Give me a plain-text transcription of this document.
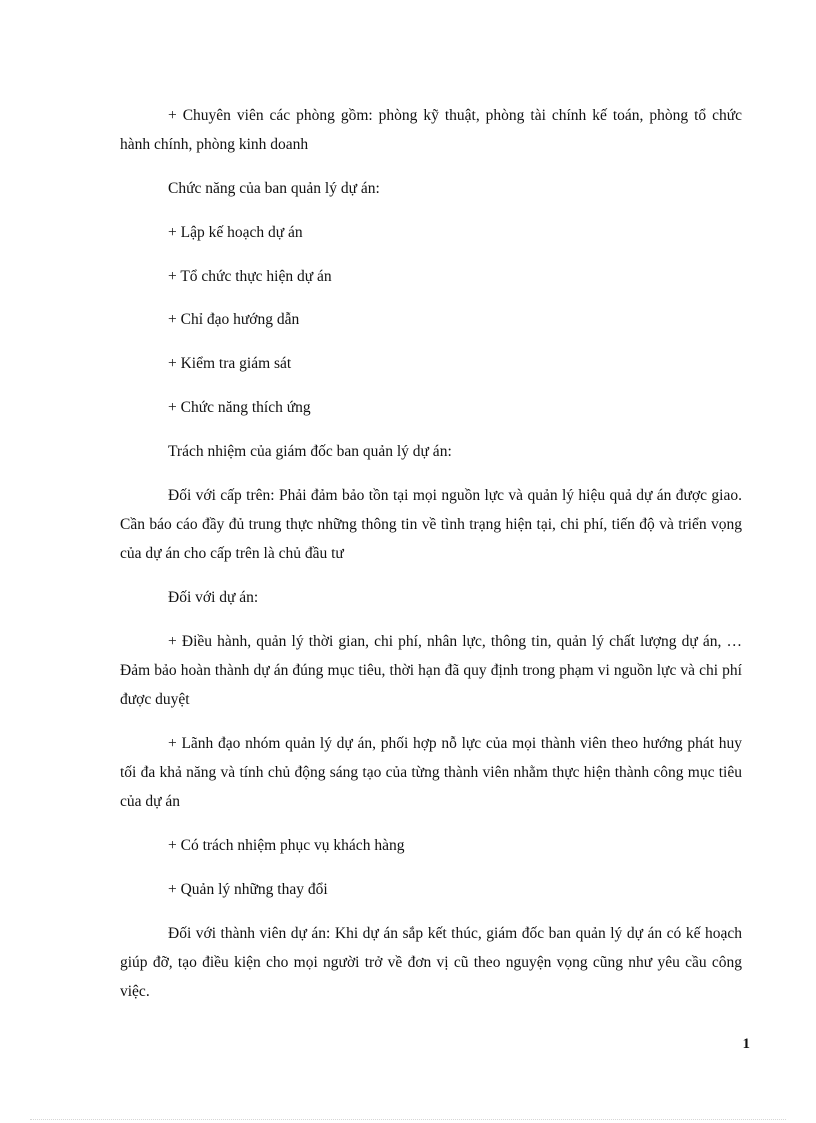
+ Chuyên viên các phòng gồm: phòng kỹ thuật, phòng tài chính kế toán, phòng tổ chức hành chính, phòng kinh doanh

Chức năng của ban quản lý dự án:

+ Lập kế hoạch dự án

+ Tổ chức thực hiện dự án

+ Chỉ đạo hướng dẫn

+ Kiểm tra giám sát

+ Chức năng thích ứng

Trách nhiệm của giám đốc ban quản lý dự án:

Đối với cấp trên: Phải đảm bảo tồn tại mọi nguồn lực và quản lý hiệu quả dự án được giao. Cần báo cáo đầy đủ trung thực những thông tin về tình trạng hiện tại, chi phí, tiến độ và triển vọng của dự án cho cấp trên là chủ đầu tư

Đối với dự án:

+ Điều hành, quản lý thời gian, chi phí, nhân lực, thông tin, quản lý chất lượng dự án, … Đảm bảo hoàn thành dự án đúng mục tiêu, thời hạn đã quy định trong phạm vi nguồn lực và chi phí được duyệt

+ Lãnh đạo nhóm quản lý dự án, phối hợp nỗ lực của mọi thành viên theo hướng phát huy tối đa khả năng và tính chủ động sáng tạo của từng thành viên nhằm thực hiện thành công mục tiêu của dự án

+ Có trách nhiệm phục vụ khách hàng

+ Quản lý những thay đổi

Đối với thành viên dự án: Khi dự án sắp kết thúc, giám đốc ban quản lý dự án có kế hoạch giúp đỡ, tạo điều kiện cho mọi người trở về đơn vị cũ theo nguyện vọng cũng như yêu cầu công việc.

1
